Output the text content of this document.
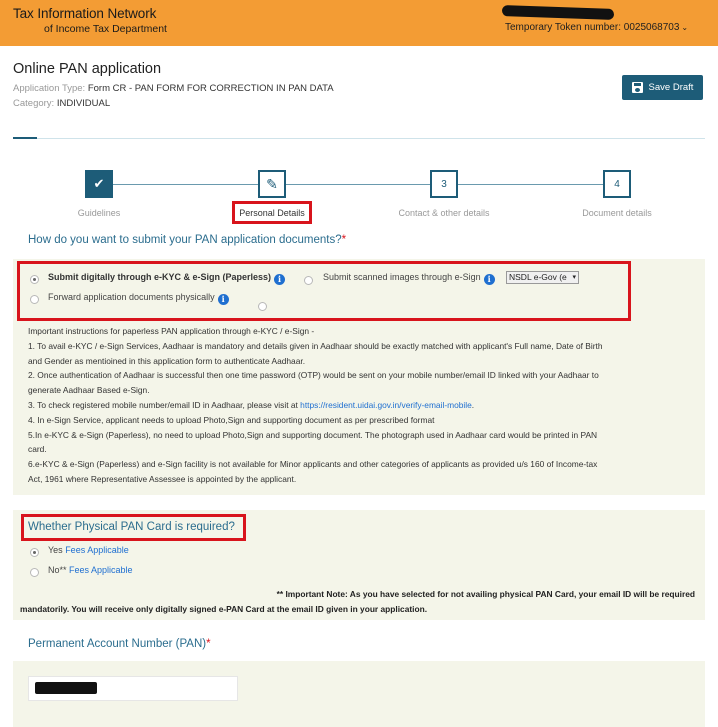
Tax Information Network
of Income Tax Department	Temporary Token number: 0025068703 ⌄
Online PAN application
Application Type: Form CR - PAN FORM FOR CORRECTION IN PAN DATA
Category: INDIVIDUAL
Save Draft
✔	✎	3	4
Guidelines	Personal Details	Contact & other details	Document details
How do you want to submit your PAN application documents?*
Submit digitally through e-KYC & e-Sign (Paperless) i	Submit scanned images through e-Sign i	NSDL e-Gov (e ▾
Forward application documents physically i

Important instructions for paperless PAN application through e-KYC / e-Sign -

1. To avail e-KYC / e-Sign Services, Aadhaar is mandatory and details given in Aadhaar should be exactly matched with applicant's Full name, Date of Birth

and Gender as mentioined in this application form to authenticate Aadhaar.

2. Once authentication of Aadhaar is successful then one time password (OTP) would be sent on your mobile number/email ID linked with your Aadhaar to

generate Aadhaar Based e-Sign.

3. To check registered mobile number/email ID in Aadhaar, please visit at https://resident.uidai.gov.in/verify-email-mobile.

4. In e-Sign Service, applicant needs to upload Photo,Sign and supporting document as per prescribed format

5.In e-KYC & e-Sign (Paperless), no need to upload Photo,Sign and supporting document. The photograph used in Aadhaar card would be printed in PAN

card.

6.e-KYC & e-Sign (Paperless) and e-Sign facility is not available for Minor applicants and other categories of applicants as provided u/s 160 of Income-tax

Act, 1961 where Representative Assessee is appointed by the applicant.

Whether Physical PAN Card is required?
Yes Fees Applicable
No** Fees Applicable
** Important Note: As you have selected for not availing physical PAN Card, your email ID will be required
mandatorily. You will receive only digitally signed e-PAN Card at the email ID given in your application.
Permanent Account Number (PAN)*
